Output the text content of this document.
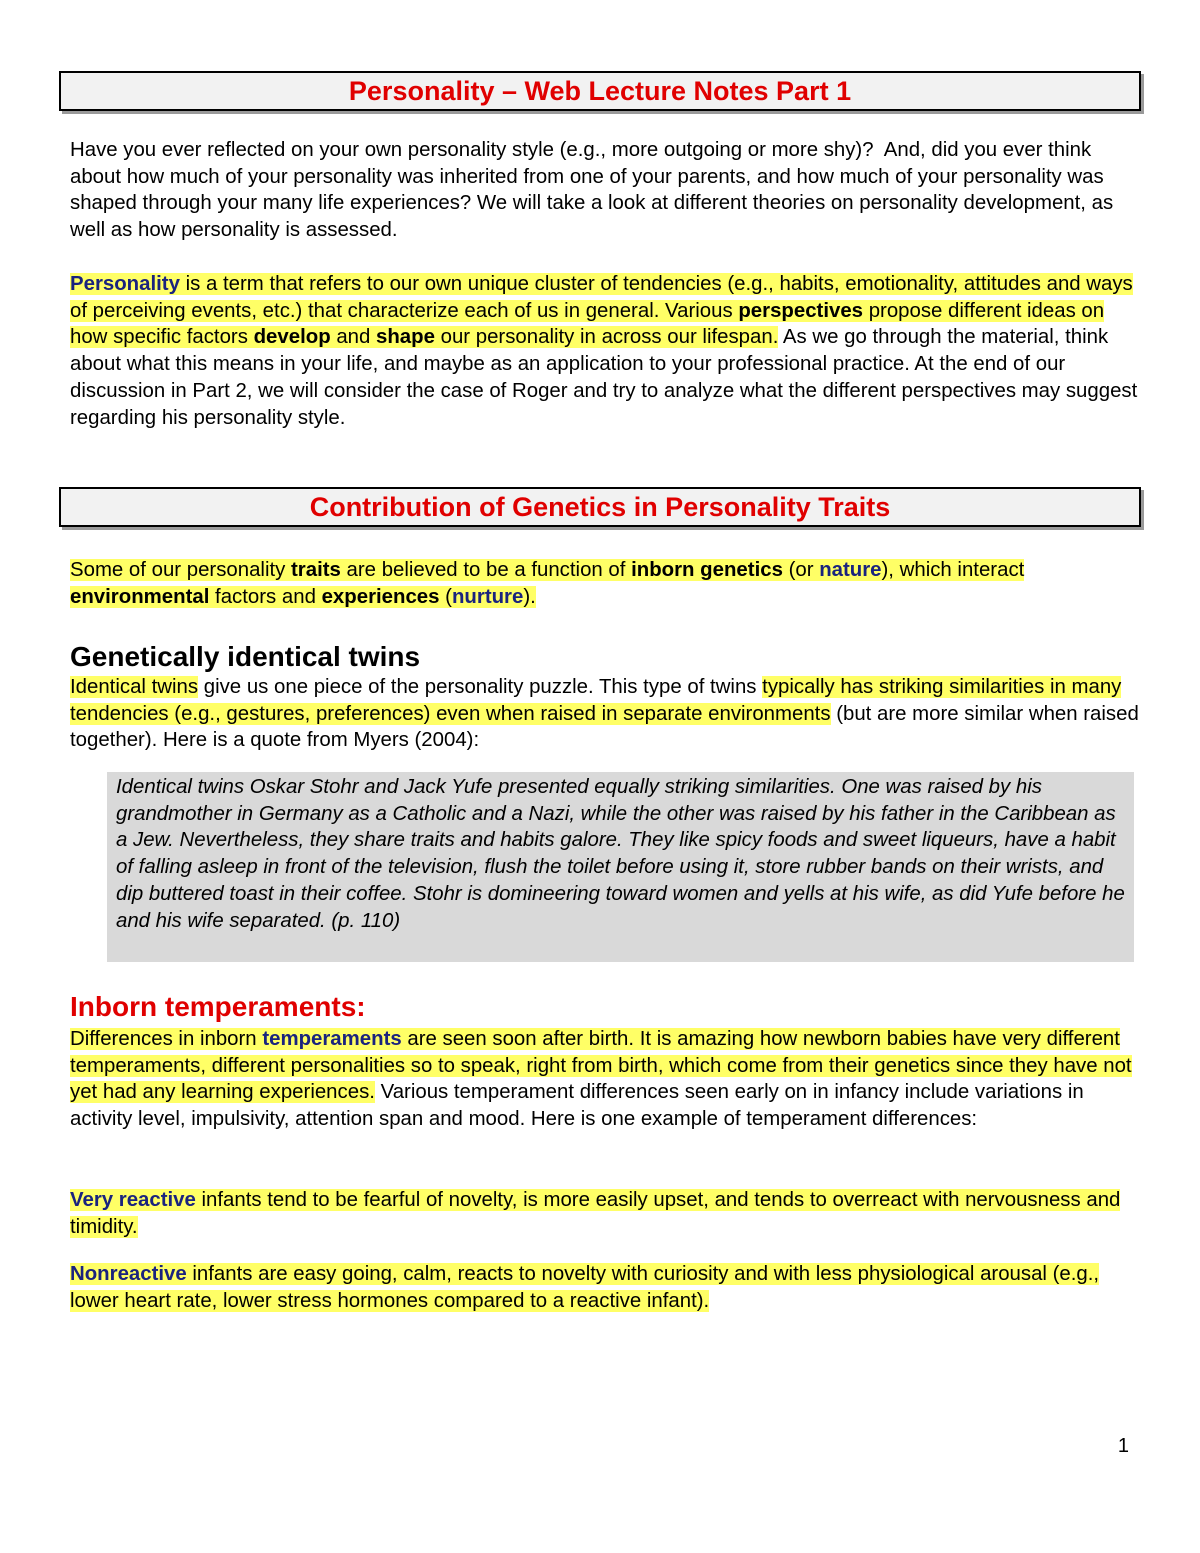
Personality – Web Lecture Notes Part 1

Have you ever reflected on your own personality style (e.g., more outgoing or more shy)?  And, did you ever think about how much of your personality was inherited from one of your parents, and how much of your personality was shaped through your many life experiences? We will take a look at different theories on personality development, as well as how personality is assessed.

Personality is a term that refers to our own unique cluster of tendencies (e.g., habits, emotionality, attitudes and ways of perceiving events, etc.) that characterize each of us in general. Various perspectives propose different ideas on how specific factors develop and shape our personality in across our lifespan. As we go through the material, think about what this means in your life, and maybe as an application to your professional practice. At the end of our discussion in Part 2, we will consider the case of Roger and try to analyze what the different perspectives may suggest regarding his personality style.

Contribution of Genetics in Personality Traits

Some of our personality traits are believed to be a function of inborn genetics (or nature), which interact environmental factors and experiences (nurture).

Genetically identical twins

Identical twins give us one piece of the personality puzzle. This type of twins typically has striking similarities in many tendencies (e.g., gestures, preferences) even when raised in separate environments (but are more similar when raised together). Here is a quote from Myers (2004):

Identical twins Oskar Stohr and Jack Yufe presented equally striking similarities. One was raised by his grandmother in Germany as a Catholic and a Nazi, while the other was raised by his father in the Caribbean as a Jew. Nevertheless, they share traits and habits galore. They like spicy foods and sweet liqueurs, have a habit of falling asleep in front of the television, flush the toilet before using it, store rubber bands on their wrists, and dip buttered toast in their coffee. Stohr is domineering toward women and yells at his wife, as did Yufe before he and his wife separated. (p. 110)
Inborn temperaments:

Differences in inborn temperaments are seen soon after birth. It is amazing how newborn babies have very different temperaments, different personalities so to speak, right from birth, which come from their genetics since they have not yet had any learning experiences. Various temperament differences seen early on in infancy include variations in activity level, impulsivity, attention span and mood. Here is one example of temperament differences:

Very reactive infants tend to be fearful of novelty, is more easily upset, and tends to overreact with nervousness and timidity.

Nonreactive infants are easy going, calm, reacts to novelty with curiosity and with less physiological arousal (e.g., lower heart rate, lower stress hormones compared to a reactive infant).

1
